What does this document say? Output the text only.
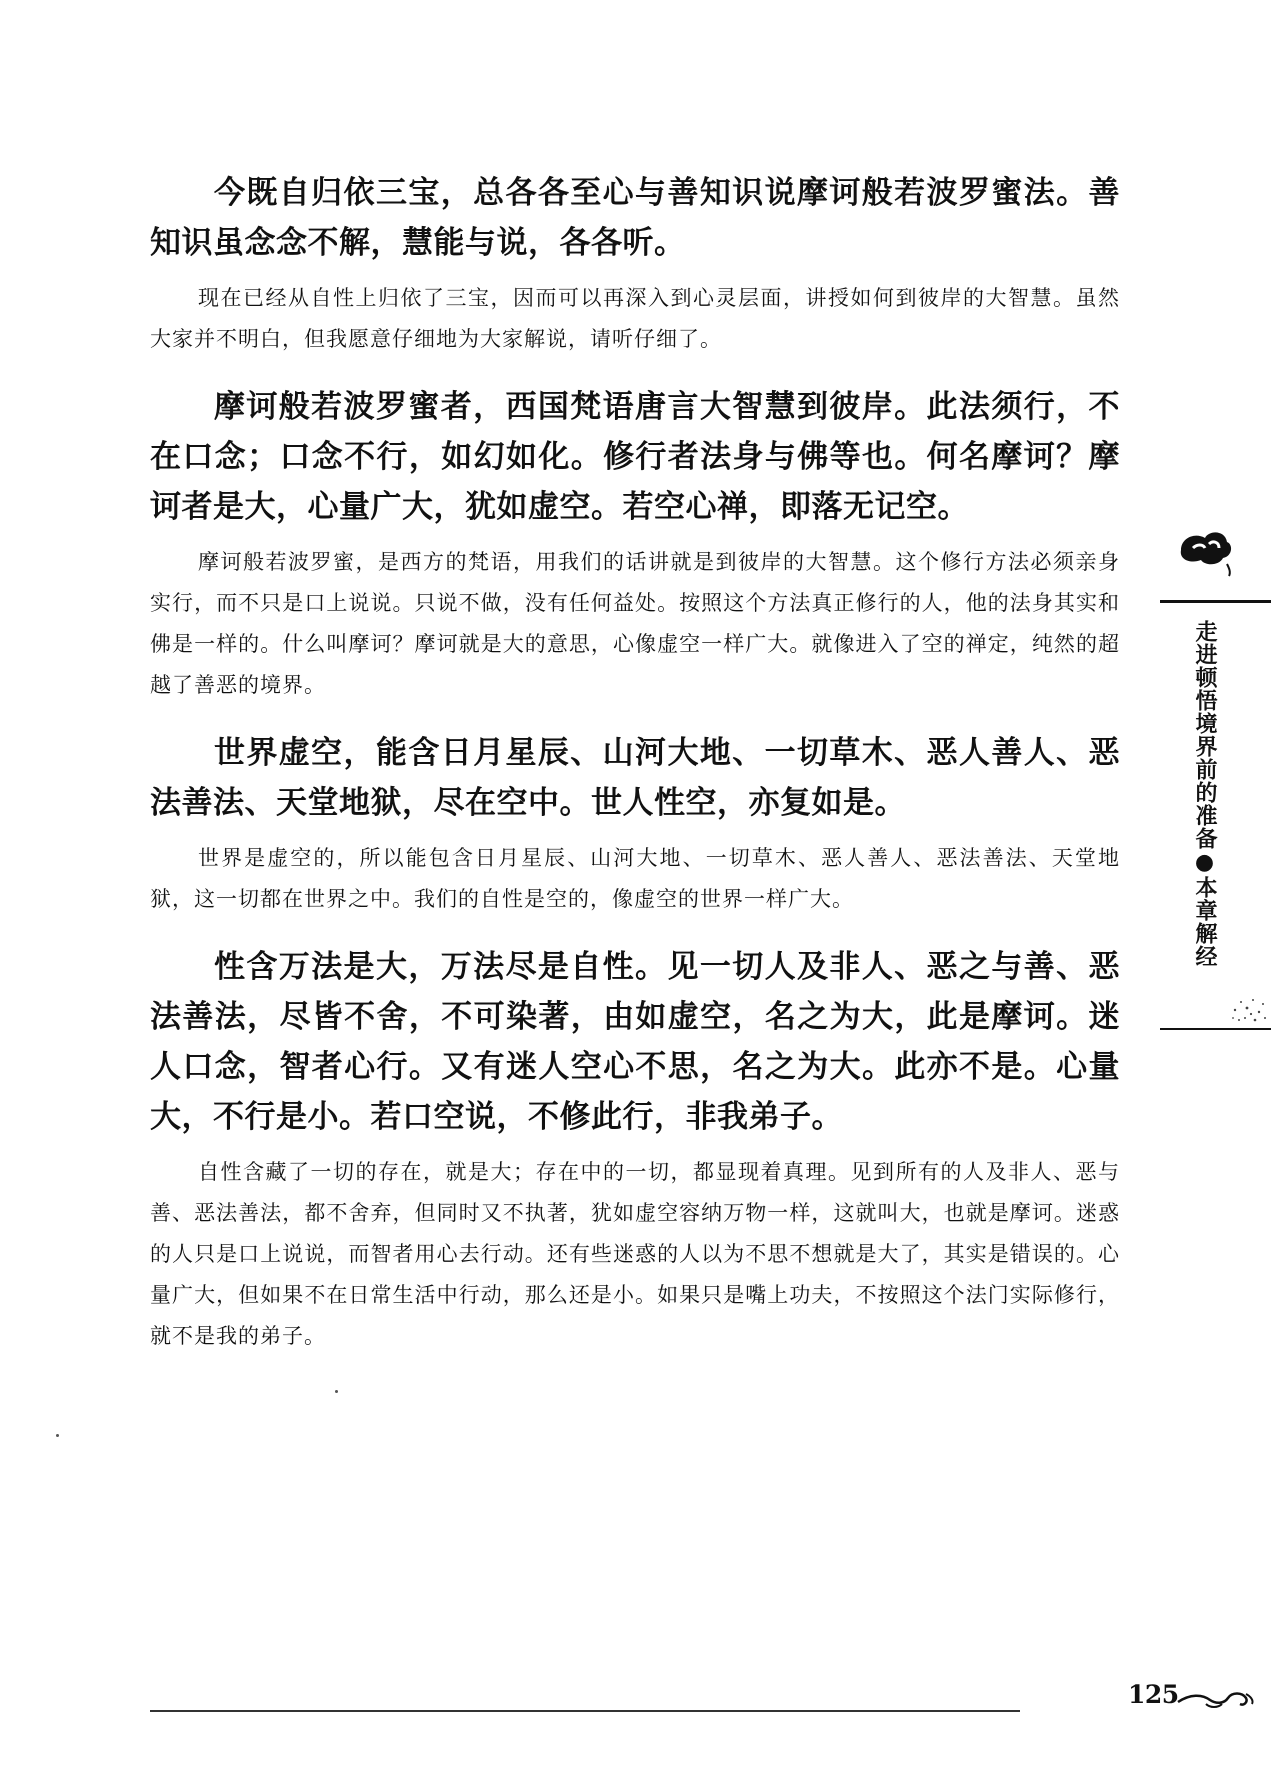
今既自归依三宝，总各各至心与善知识说摩诃般若波罗蜜法。善知识虽念念不解，慧能与说，各各听。

现在已经从自性上归依了三宝，因而可以再深入到心灵层面，讲授如何到彼岸的大智慧。虽然大家并不明白，但我愿意仔细地为大家解说，请听仔细了。

摩诃般若波罗蜜者，西国梵语唐言大智慧到彼岸。此法须行，不在口念；口念不行，如幻如化。修行者法身与佛等也。何名摩诃？摩诃者是大，心量广大，犹如虚空。若空心禅，即落无记空。

摩诃般若波罗蜜，是西方的梵语，用我们的话讲就是到彼岸的大智慧。这个修行方法必须亲身实行，而不只是口上说说。只说不做，没有任何益处。按照这个方法真正修行的人，他的法身其实和佛是一样的。什么叫摩诃？摩诃就是大的意思，心像虚空一样广大。就像进入了空的禅定，纯然的超越了善恶的境界。

世界虚空，能含日月星辰、山河大地、一切草木、恶人善人、恶法善法、天堂地狱，尽在空中。世人性空，亦复如是。

世界是虚空的，所以能包含日月星辰、山河大地、一切草木、恶人善人、恶法善法、天堂地狱，这一切都在世界之中。我们的自性是空的，像虚空的世界一样广大。

性含万法是大，万法尽是自性。见一切人及非人、恶之与善、恶法善法，尽皆不舍，不可染著，由如虚空，名之为大，此是摩诃。迷人口念，智者心行。又有迷人空心不思，名之为大。此亦不是。心量大，不行是小。若口空说，不修此行，非我弟子。

自性含藏了一切的存在，就是大；存在中的一切，都显现着真理。见到所有的人及非人、恶与善、恶法善法，都不舍弃，但同时又不执著，犹如虚空容纳万物一样，这就叫大，也就是摩诃。迷惑的人只是口上说说，而智者用心去行动。还有些迷惑的人以为不思不想就是大了，其实是错误的。心量广大，但如果不在日常生活中行动，那么还是小。如果只是嘴上功夫，不按照这个法门实际修行，就不是我的弟子。

走进顿悟境界前的准备●本章解经
125
